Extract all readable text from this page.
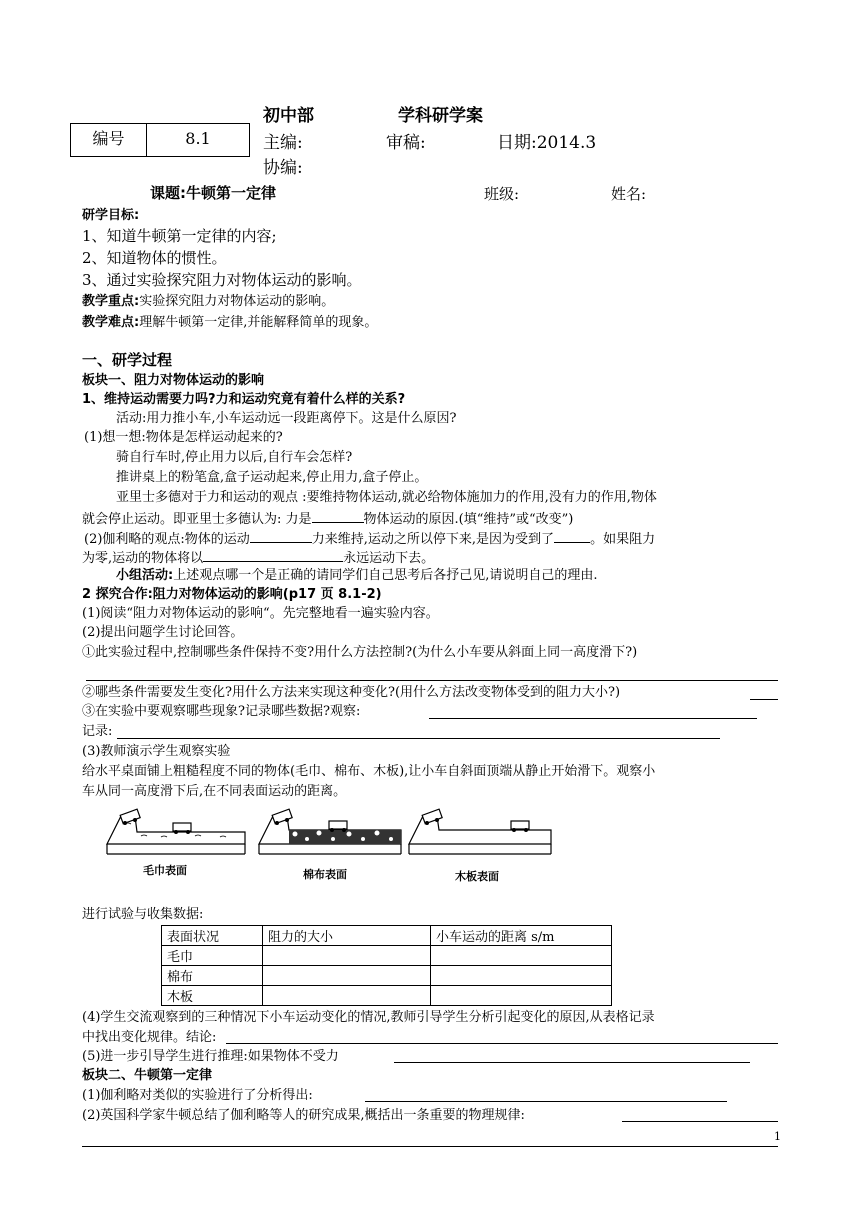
初中部	学科研学案
编号	8.1	主编:	审稿:	日期:2014.3
协编:
课题:牛顿第一定律	班级:	姓名:
研学目标:
1、知道牛顿第一定律的内容;
2、知道物体的惯性。
3、通过实验探究阻力对物体运动的影响。
教学重点:实验探究阻力对物体运动的影响。
教学难点:理解牛顿第一定律,并能解释简单的现象。
一、研学过程
板块一、阻力对物体运动的影响
1、维持运动需要力吗?力和运动究竟有着什么样的关系?
活动:用力推小车,小车运动远一段距离停下。这是什么原因?
(1)想一想:物体是怎样运动起来的?
骑自行车时,停止用力以后,自行车会怎样?
推讲桌上的粉笔盒,盒子运动起来,停止用力,盒子停止。
亚里士多德对于力和运动的观点 :要维持物体运动,就必给物体施加力的作用,没有力的作用,物体
就会停止运动。即亚里士多德认为: 力是	物体运动的原因.(填“维持”或“改变”)
(2)伽利略的观点:物体的运动	力来维持,运动之所以停下来,是因为受到了	。如果阻力
为零,运动的物体将以	永远运动下去。
小组活动:上述观点哪一个是正确的请同学们自己思考后各抒己见,请说明自己的理由.
2 探究合作:阻力对物体运动的影响(p17 页 8.1-2)
(1)阅读“阻力对物体运动的影响“。先完整地看一遍实验内容。
(2)提出问题学生讨论回答。
①此实验过程中,控制哪些条件保持不变?用什么方法控制?(为什么小车要从斜面上同一高度滑下?)
②哪些条件需要发生变化?用什么方法来实现这种变化?(用什么方法改变物体受到的阻力大小?)
③在实验中要观察哪些现象?记录哪些数据?观察:
记录:
(3)教师演示学生观察实验
给水平桌面铺上粗糙程度不同的物体(毛巾、棉布、木板),让小车自斜面顶端从静止开始滑下。观察小
车从同一高度滑下后,在不同表面运动的距离。
毛巾表面	棉布表面	木板表面
进行试验与收集数据:
表面状况	阻力的大小	小车运动的距离 s/m
毛巾		
棉布		
木板		
(4)学生交流观察到的三种情况下小车运动变化的情况,教师引导学生分析引起变化的原因,从表格记录
中找出变化规律。结论:
(5)进一步引导学生进行推理:如果物体不受力
板块二、牛顿第一定律
(1)伽利略对类似的实验进行了分析得出:
(2)英国科学家牛顿总结了伽利略等人的研究成果,概括出一条重要的物理规律:
1
